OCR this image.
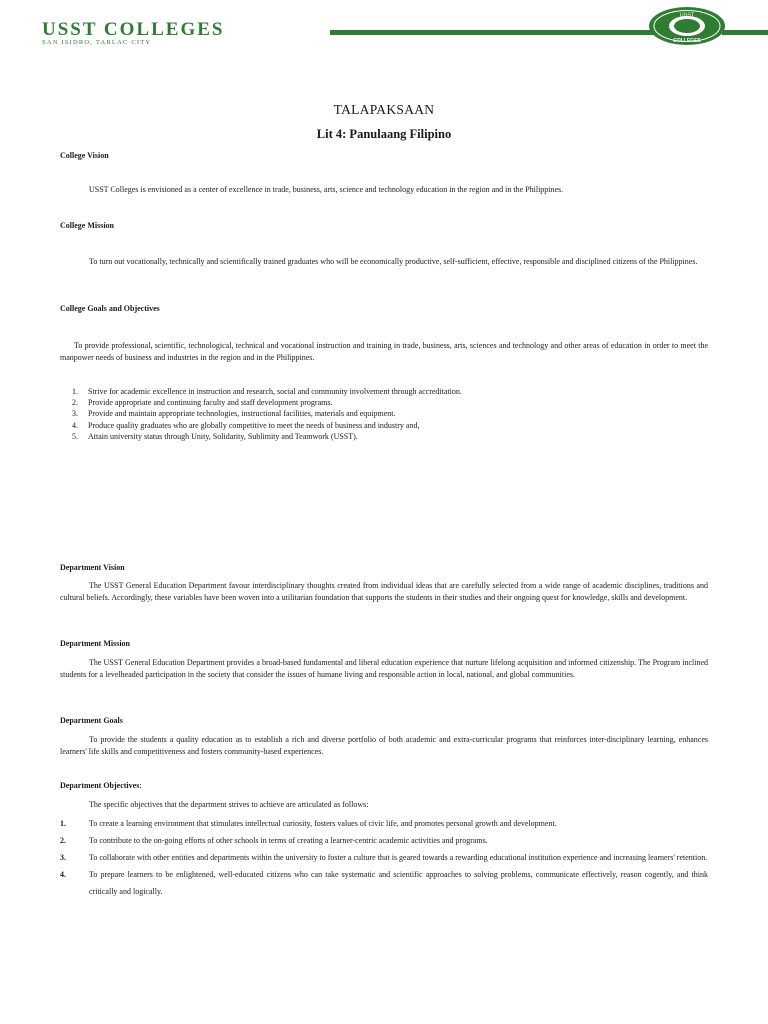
USST COLLEGES
SAN ISIDRO, TARLAC CITY
USST
COLLEGES
TALAPAKSAAN
Lit 4: Panulaang Filipino
College Vision
USST Colleges is envisioned as a center of excellence in trade, business, arts, science and technology education in the region and in the Philippines.
College Mission
To turn out vocationally, technically and scientifically trained graduates who will be economically productive, self-sufficient, effective, responsible and disciplined citizens of the Philippines.
College Goals and Objectives
To provide professional, scientific, technological, technical and vocational instruction and training in trade, business, arts, sciences and technology and other areas of education in order to meet the manpower needs of business and industries in the region and in the Philippines.
1. Strive for academic excellence in instruction and research, social and community involvement through accreditation.
2. Provide appropriate and continuing faculty and staff development programs.
3. Provide and maintain appropriate technologies, instructional facilities, materials and equipment.
4. Produce quality graduates who are globally competitive to meet the needs of business and industry and,
5. Attain university status through Unity, Solidarity, Sublimity and Teamwork (USST).
Department Vision
The USST General Education Department favour interdisciplinary thoughts created from individual ideas that are carefully selected from a wide range of academic disciplines, traditions and cultural beliefs. Accordingly, these variables have been woven into a utilitarian foundation that supports the students in their studies and their ongoing quest for knowledge, skills and development.
Department Mission
The USST General Education Department provides a broad-based fundamental and liberal education experience that nurture lifelong acquisition and informed citizenship. The Program inclined students for a levelheaded participation in the society that consider the issues of humane living and responsible action in local, national, and global communities.
Department Goals
To provide the students a quality education as to establish a rich and diverse portfolio of both academic and extra-curricular programs that reinforces inter-disciplinary learning, enhances learners' life skills and competitiveness and fosters community-based experiences.
Department Objectives:
The specific objectives that the department strives to achieve are articulated as follows:
1.	To create a learning environment that stimulates intellectual curiosity, fosters values of civic life, and promotes personal growth and development.
2.	To contribute to the on-going efforts of other schools in terms of creating a learner-centric academic activities and programs.
3.	To collaborate with other entities and departments within the university to foster a culture that is geared towards a rewarding educational institution experience and increasing learners' retention.
4.	To prepare learners to be enlightened, well-educated citizens who can take systematic and scientific approaches to solving problems, communicate effectively, reason cogently, and think critically and logically.
